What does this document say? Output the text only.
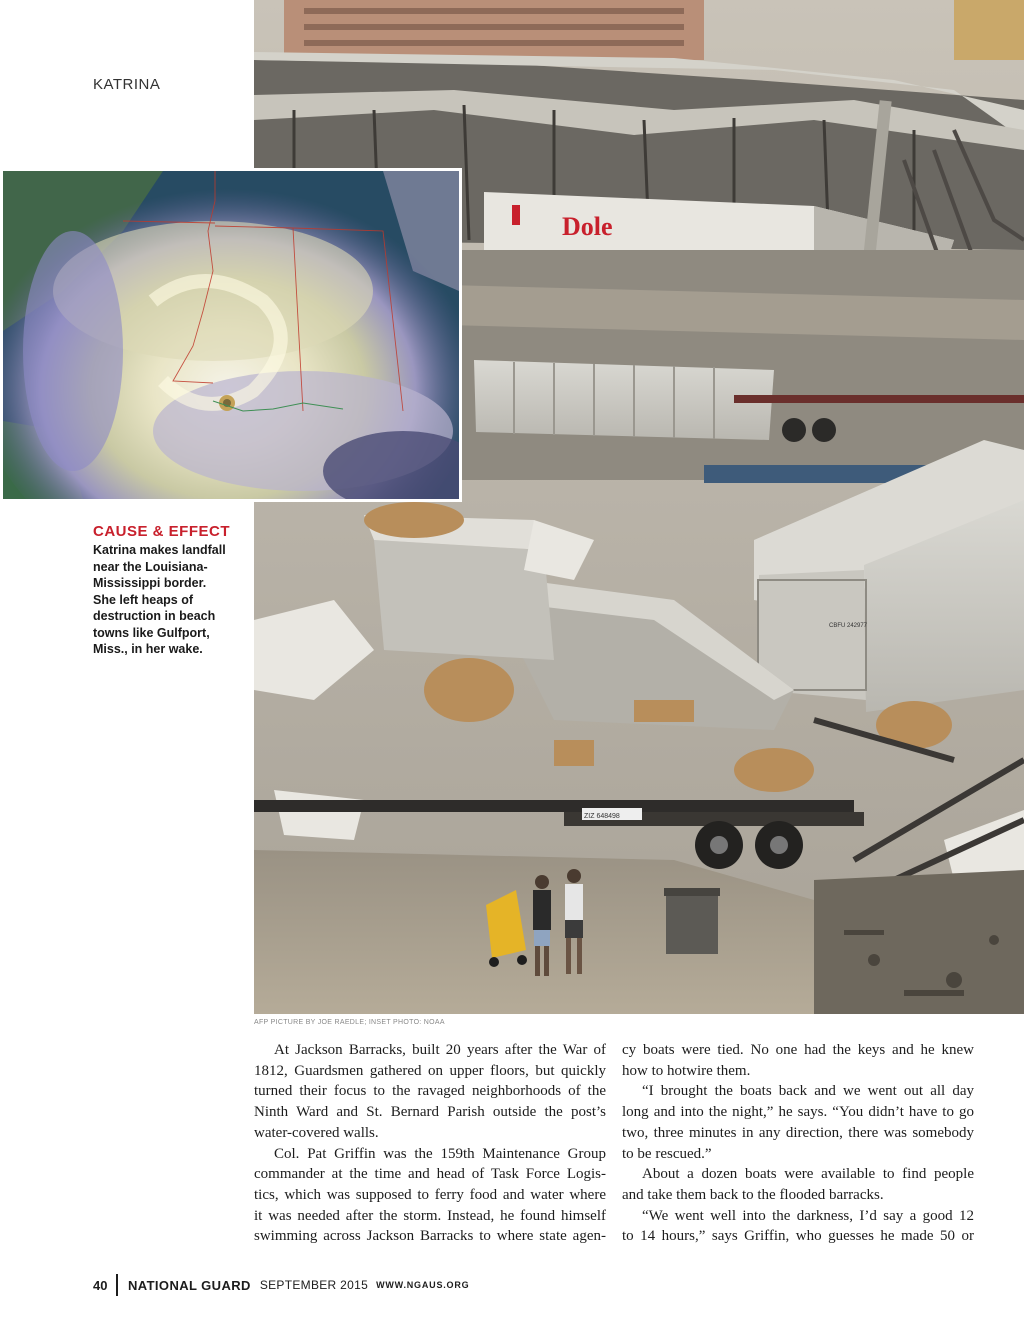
KATRINA
Dole
CBFU 242977
ZIZ 648498
CAUSE & EFFECT
Katrina makes landfall
near the Louisiana-
Mississippi border.
She left heaps of
destruction in beach
towns like Gulfport,
Miss., in her wake.
AFP PICTURE BY JOE RAEDLE; INSET PHOTO: NOAA
At Jackson Barracks, built 20 years after the War of
1812, Guardsmen gathered on upper floors, but quickly
turned their focus to the ravaged neighborhoods of the
Ninth Ward and St. Bernard Parish outside the post’s
water-covered walls.
Col. Pat Griffin was the 159th Maintenance Group
commander at the time and head of Task Force Logis-
tics, which was supposed to ferry food and water where
it was needed after the storm. Instead, he found himself
swimming across Jackson Barracks to where state agen-
cy boats were tied. No one had the keys and he knew
how to hotwire them.
“I brought the boats back and we went out all day
long and into the night,” he says. “You didn’t have to go
two, three minutes in any direction, there was somebody
to be rescued.”
About a dozen boats were available to find people
and take them back to the flooded barracks.
“We went well into the darkness, I’d say a good 12
to 14 hours,” says Griffin, who guesses he made 50 or
40 NATIONAL GUARD SEPTEMBER 2015 WWW.NGAUS.ORG
